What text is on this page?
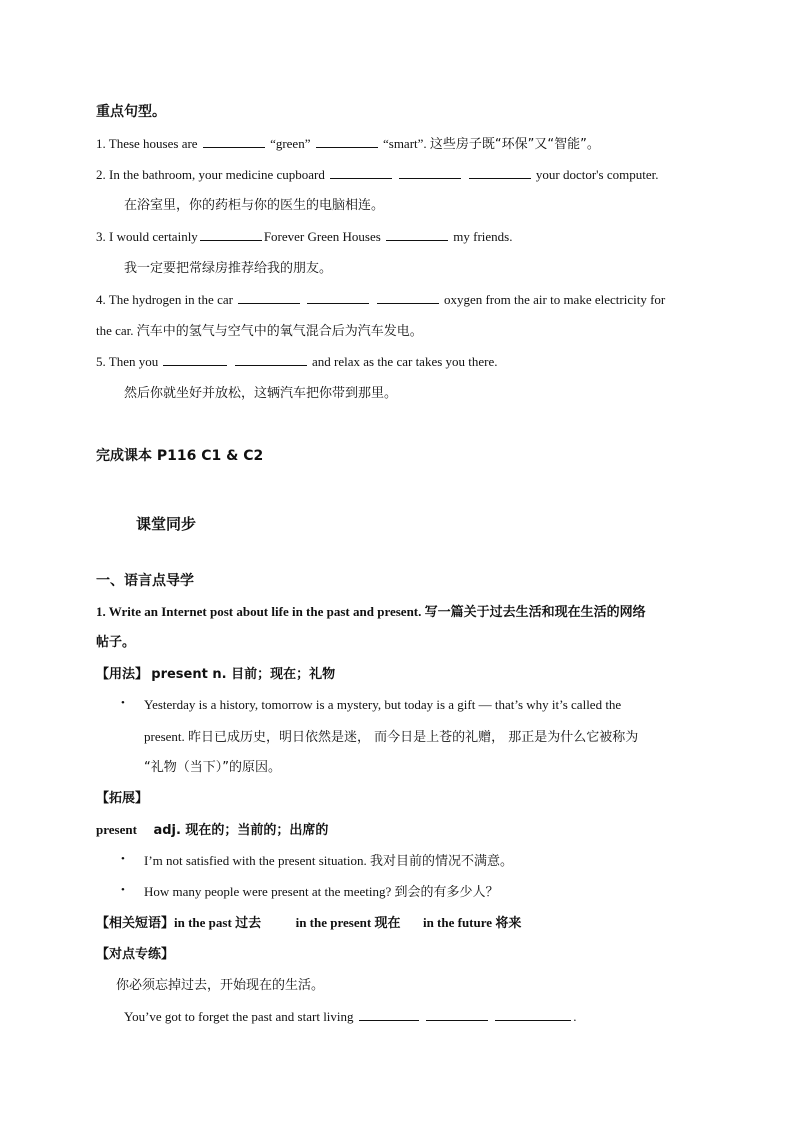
重点句型。
1. These houses are	“green”	“smart”. 这些房子既“环保”又“智能”。
2. In the bathroom, your medicine cupboard	your doctor's computer.
在浴室里，你的药柜与你的医生的电脑相连。
3. I would certainly	Forever Green Houses	my friends.
我一定要把常绿房推荐给我的朋友。
4. The hydrogen in the car	oxygen from the air to make electricity for
the car. 汽车中的氢气与空气中的氧气混合后为汽车发电。
5. Then you	and relax as the car takes you there.
然后你就坐好并放松，这辆汽车把你带到那里。
完成课本 P116 C1 & C2
课堂同步
一、语言点导学
1. Write an Internet post about life in the past and present. 写一篇关于过去生活和现在生活的网络
帖子。
【用法】 present n. 目前；现在；礼物
• Yesterday is a history, tomorrow is a mystery, but today is a gift — that’s why it’s called the
present. 昨日已成历史，明日依然是迷， 而今日是上苍的礼赠， 那正是为什么它被称为
“礼物（当下）”的原因。
【拓展】
present adj. 现在的；当前的；出席的
• I’m not satisfied with the present situation. 我对目前的情况不满意。
• How many people were present at the meeting? 到会的有多少人？
【相关短语】in the past 过去	in the present 现在 in the future 将来
【对点专练】
你必须忘掉过去，开始现在的生活。
You’ve got to forget the past and start living	.
